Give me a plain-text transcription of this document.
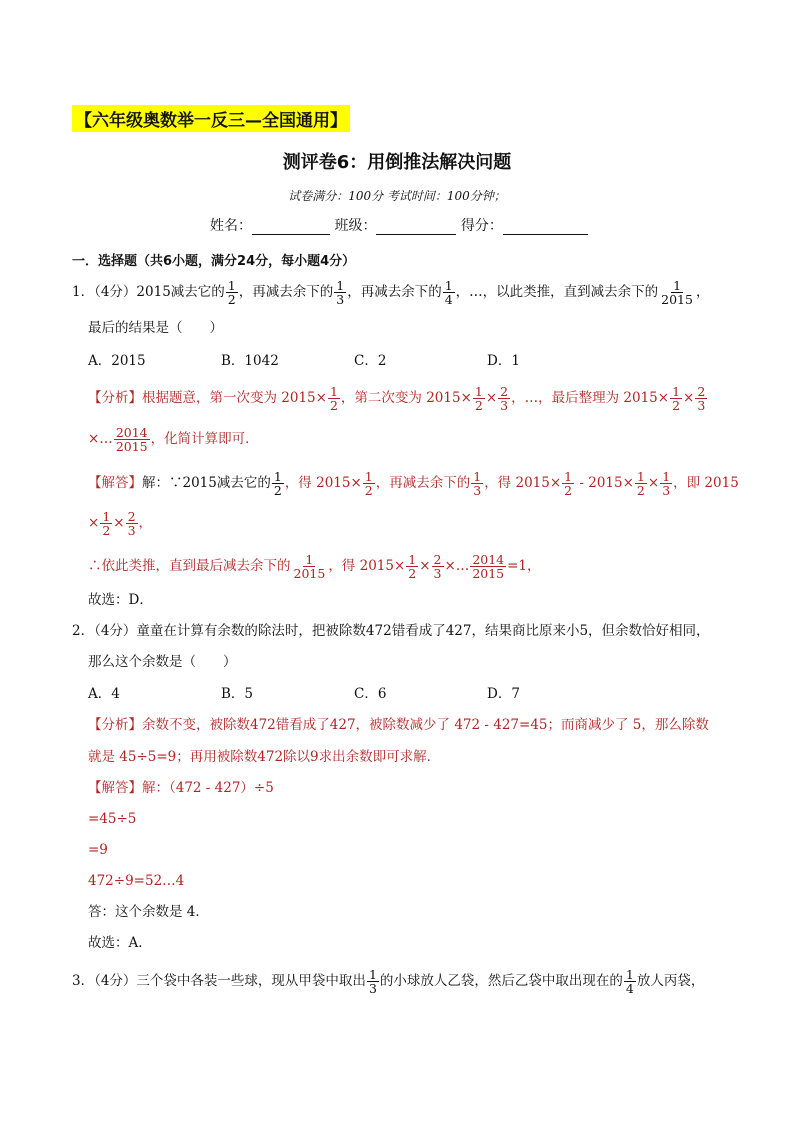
【六年级奥数举一反三—全国通用】
测评卷6：用倒推法解决问题
试卷满分：100分 考试时间：100分钟；
姓名：	班级：	得分：
一．选择题（共6小题，满分24分，每小题4分）
1．（4分）2015减去它的 $\frac{1}{2}$ ，再减去余下的 $\frac{1}{3}$ ，再减去余下的 $\frac{1}{4}$ ，…，以此类推，直到减去余下的 $\frac{1}{2015}$ ，
最后的结果是（　　）
A．2015	B．1042	C．2	D．1
【分析】根据题意，第一次变为 $2015\times \frac{1}{2}$ ，第二次变为 $2015\times \frac{1}{2} \times \frac{2}{3}$ ，…，最后整理为 $2015\times \frac{1}{2} \times \frac{2}{3}$
×… $\frac{2014}{2015}$ ，化简计算即可．
【解答】解：∵2015减去它的 $\frac{1}{2}$ ，得 $2015\times \frac{1}{2}$ ，再减去余下的 $\frac{1}{3}$ ，得 $2015\times \frac{1}{2} - 2015\times \frac{1}{2} \times \frac{1}{3}$ ，即 2015
× $\frac{1}{2} \times \frac{2}{3}$ ，
∴依此类推，直到最后减去余下的 $\frac{1}{2015}$ ，得 $2015\times \frac{1}{2} \times \frac{2}{3}$ ×… $\frac{2014}{2015} =1$，
故选：D．
2．（4分）童童在计算有余数的除法时，把被除数472错看成了427，结果商比原来小5，但余数恰好相同，
那么这个余数是（　　）
A．4	B．5	C．6	D．7
【分析】余数不变，被除数472错看成了427，被除数减少了 472 - 427=45；而商减少了 5，那么除数
就是 45÷5=9；再用被除数472除以9求出余数即可求解．
【解答】解：（472 - 427）÷5
=45÷5
=9
472÷9=52…4
答：这个余数是 4．
故选：A．
3．（4分）三个袋中各装一些球，现从甲袋中取出 $\frac{1}{3}$ 的小球放人乙袋，然后乙袋中取出现在的 $\frac{1}{4}$ 放人丙袋，
